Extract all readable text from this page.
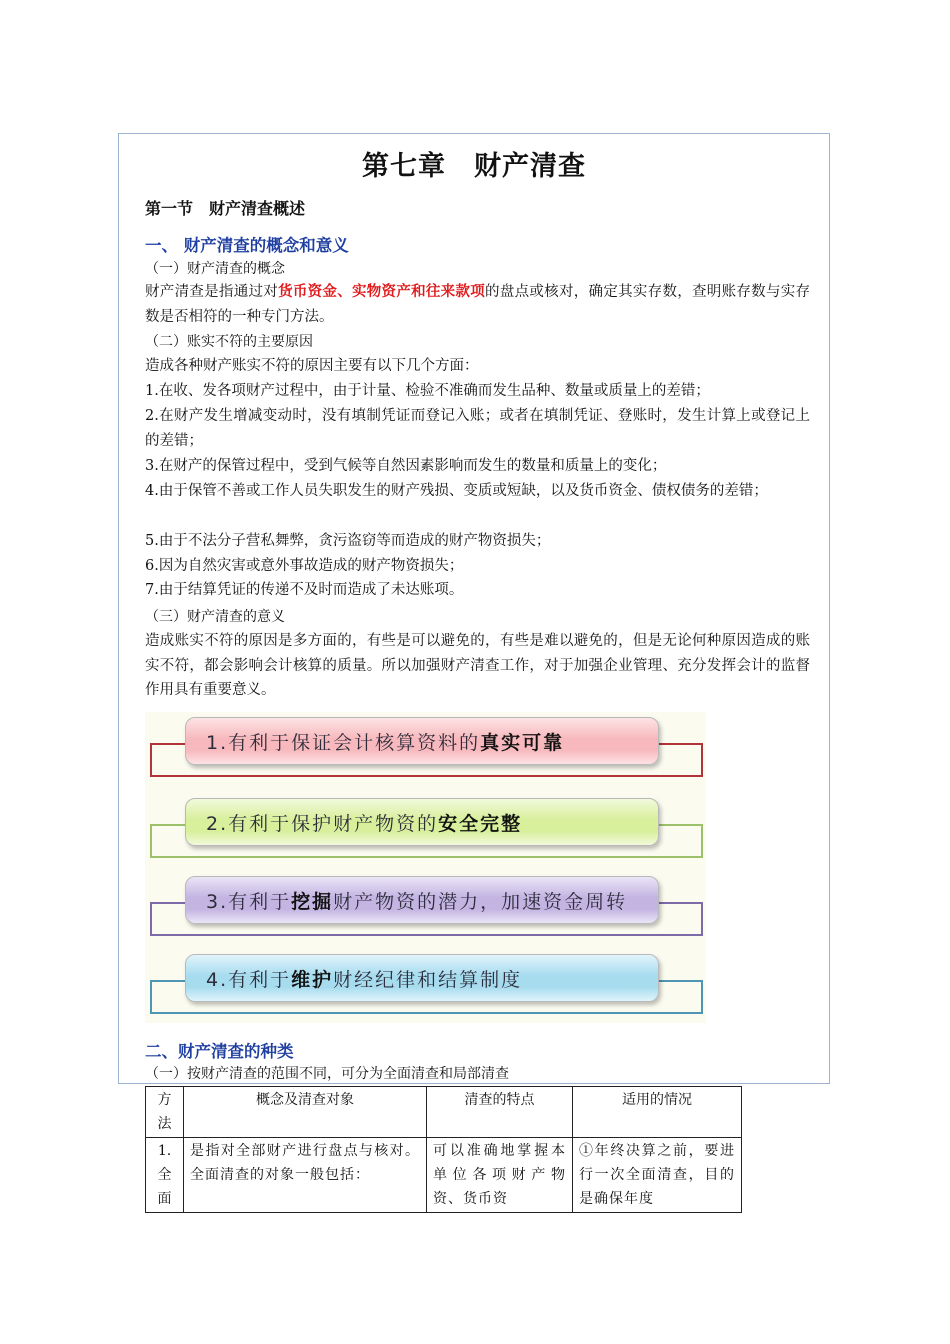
第七章　财产清查
第一节　财产清查概述
一、 财产清查的概念和意义
（一）财产清查的概念
财产清查是指通过对货币资金、实物资产和往来款项的盘点或核对，确定其实存数，查明账存数与实存数是否相符的一种专门方法。
（二）账实不符的主要原因
造成各种财产账实不符的原因主要有以下几个方面：
1.在收、发各项财产过程中，由于计量、检验不准确而发生品种、数量或质量上的差错；
2.在财产发生增减变动时，没有填制凭证而登记入账；或者在填制凭证、登账时，发生计算上或登记上的差错；
3.在财产的保管过程中，受到气候等自然因素影响而发生的数量和质量上的变化；
4.由于保管不善或工作人员失职发生的财产残损、变质或短缺，以及货币资金、债权债务的差错；
5.由于不法分子营私舞弊，贪污盗窃等而造成的财产物资损失；
6.因为自然灾害或意外事故造成的财产物资损失；
7.由于结算凭证的传递不及时而造成了未达账项。
（三）财产清查的意义
造成账实不符的原因是多方面的，有些是可以避免的，有些是难以避免的，但是无论何种原因造成的账实不符，都会影响会计核算的质量。所以加强财产清查工作，对于加强企业管理、充分发挥会计的监督作用具有重要意义。
1.有利于保证会计核算资料的 真实可靠
2.有利于保护财产物资的 安全完整
3.有利于 挖掘 财产物资的潜力，加速资金周转
4.有利于 维护 财经纪律和结算制度
二、财产清查的种类
（一）按财产清查的范围不同，可分为全面清查和局部清查
方法	概念及清查对象	清查的特点	适用的情况
1.全面	是指对全部财产进行盘点与核对。全面清查的对象一般包括：	可以准确地掌握本单位各项财产物资、货币资	①年终决算之前，要进行一次全面清查，目的是确保年度
